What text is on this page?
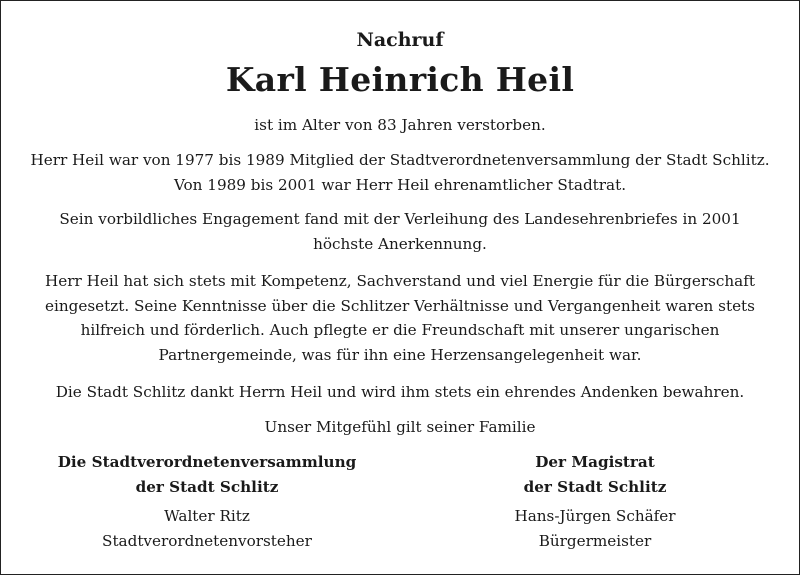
Nachruf
Karl Heinrich Heil
ist im Alter von 83 Jahren verstorben.
Herr Heil war von 1977 bis 1989 Mitglied der Stadtverordnetenversammlung der Stadt Schlitz.
Von 1989 bis 2001 war Herr Heil ehrenamtlicher Stadtrat.
Sein vorbildliches Engagement fand mit der Verleihung des Landesehrenbriefes in 2001
höchste Anerkennung.
Herr Heil hat sich stets mit Kompetenz, Sachverstand und viel Energie für die Bürgerschaft
eingesetzt. Seine Kenntnisse über die Schlitzer Verhältnisse und Vergangenheit waren stets
hilfreich und förderlich. Auch pflegte er die Freundschaft mit unserer ungarischen
Partnergemeinde, was für ihn eine Herzensangelegenheit war.
Die Stadt Schlitz dankt Herrn Heil und wird ihm stets ein ehrendes Andenken bewahren.
Unser Mitgefühl gilt seiner Familie
Die Stadtverordnetenversammlung
der Stadt Schlitz
Walter Ritz
Stadtverordnetenvorsteher
Der Magistrat
der Stadt Schlitz
Hans-Jürgen Schäfer
Bürgermeister
